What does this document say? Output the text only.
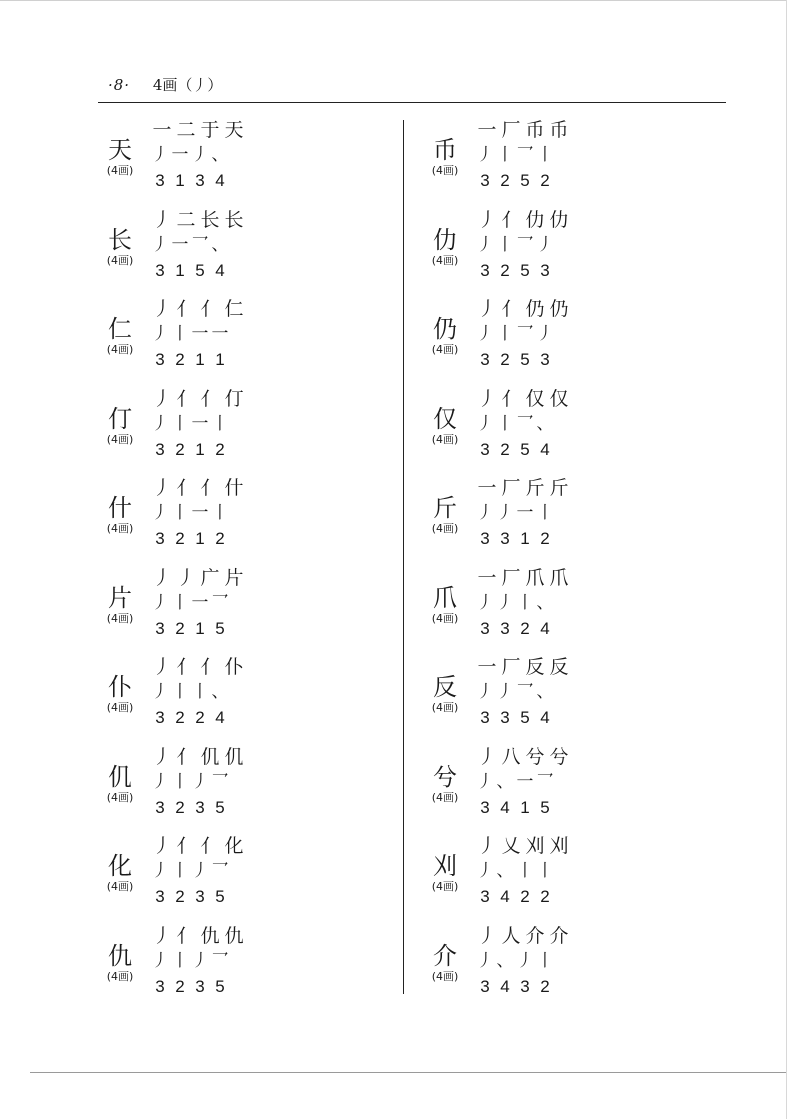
·8· 4画（丿）
天
(4画)
一 二 于 天
丿 一 丿 、
3 1 3 4
长
(4画)
丿 二 长 长
丿 一 乛 、
3 1 5 4
仁
(4画)
丿 亻 亻 仁
丿 丨 一 一
3 2 1 1
仃
(4画)
丿 亻 亻 仃
丿 丨 一 丨
3 2 1 2
什
(4画)
丿 亻 亻 什
丿 丨 一 丨
3 2 1 2
片
(4画)
丿 丿 广 片
丿 丨 一 乛
3 2 1 5
仆
(4画)
丿 亻 亻 仆
丿 丨 丨 、
3 2 2 4
仉
(4画)
丿 亻 仉 仉
丿 丨 丿 乛
3 2 3 5
化
(4画)
丿 亻 亻 化
丿 丨 丿 乛
3 2 3 5
仇
(4画)
丿 亻 仇 仇
丿 丨 丿 乛
3 2 3 5
币
(4画)
一 厂 币 币
丿 丨 乛 丨
3 2 5 2
仂
(4画)
丿 亻 仂 仂
丿 丨 乛 丿
3 2 5 3
仍
(4画)
丿 亻 仍 仍
丿 丨 乛 丿
3 2 5 3
仅
(4画)
丿 亻 仅 仅
丿 丨 乛 、
3 2 5 4
斤
(4画)
一 厂 斤 斤
丿 丿 一 丨
3 3 1 2
爪
(4画)
一 厂 爪 爪
丿 丿 丨 、
3 3 2 4
反
(4画)
一 厂 反 反
丿 丿 乛 、
3 3 5 4
兮
(4画)
丿 八 兮 兮
丿 、 一 乛
3 4 1 5
刈
(4画)
丿 乂 刈 刈
丿 、 丨 丨
3 4 2 2
介
(4画)
丿 人 介 介
丿 、 丿 丨
3 4 3 2
